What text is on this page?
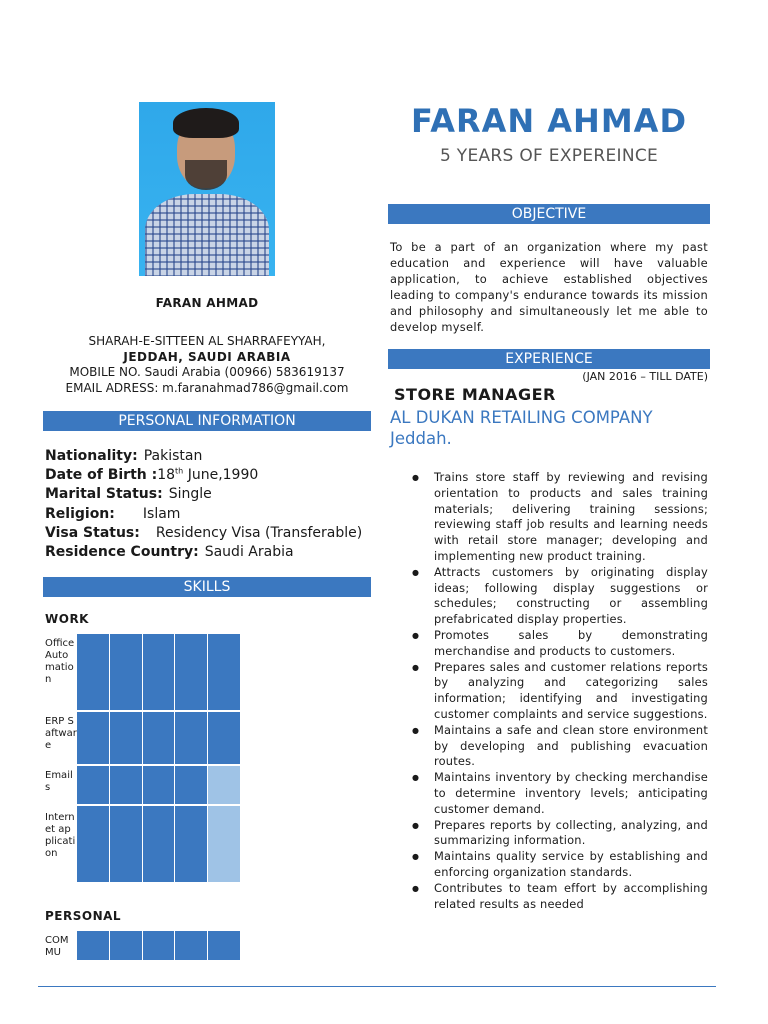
FARAN AHMAD
SHARAH-E-SITTEEN AL SHARRAFEYYAH,
JEDDAH, SAUDI ARABIA
MOBILE NO. Saudi Arabia (00966) 583619137
EMAIL ADRESS: m.faranahmad786@gmail.com
PERSONAL INFORMATION
Nationality: Pakistan
Date of Birth : 18th June,1990
Marital Status: Single
Religion: Islam
Visa Status: Residency Visa (Transferable)
Residence Country: Saudi Arabia
SKILLS
WORK
Office Automation
ERP Saftware
Emails
Internet application
PERSONAL
COMMU
FARAN AHMAD
5 YEARS OF EXPEREINCE
OBJECTIVE
To be a part of an organization where my past education and experience will have valuable application, to achieve established objectives leading to company's endurance towards its mission and philosophy and simultaneously let me able to develop myself.
EXPERIENCE
(JAN 2016 – TILL DATE)
STORE MANAGER
AL DUKAN RETAILING COMPANY
Jeddah.
● Trains store staff by reviewing and revising orientation to products and sales training materials; delivering training sessions; reviewing staff job results and learning needs with retail store manager; developing and implementing new product training.
● Attracts customers by originating display ideas; following display suggestions or schedules; constructing or assembling prefabricated display properties.
● Promotes sales by demonstrating merchandise and products to customers.
● Prepares sales and customer relations reports by analyzing and categorizing sales information; identifying and investigating customer complaints and service suggestions.
● Maintains a safe and clean store environment by developing and publishing evacuation routes.
● Maintains inventory by checking merchandise to determine inventory levels; anticipating customer demand.
● Prepares reports by collecting, analyzing, and summarizing information.
● Maintains quality service by establishing and enforcing organization standards.
● Contributes to team effort by accomplishing related results as needed
